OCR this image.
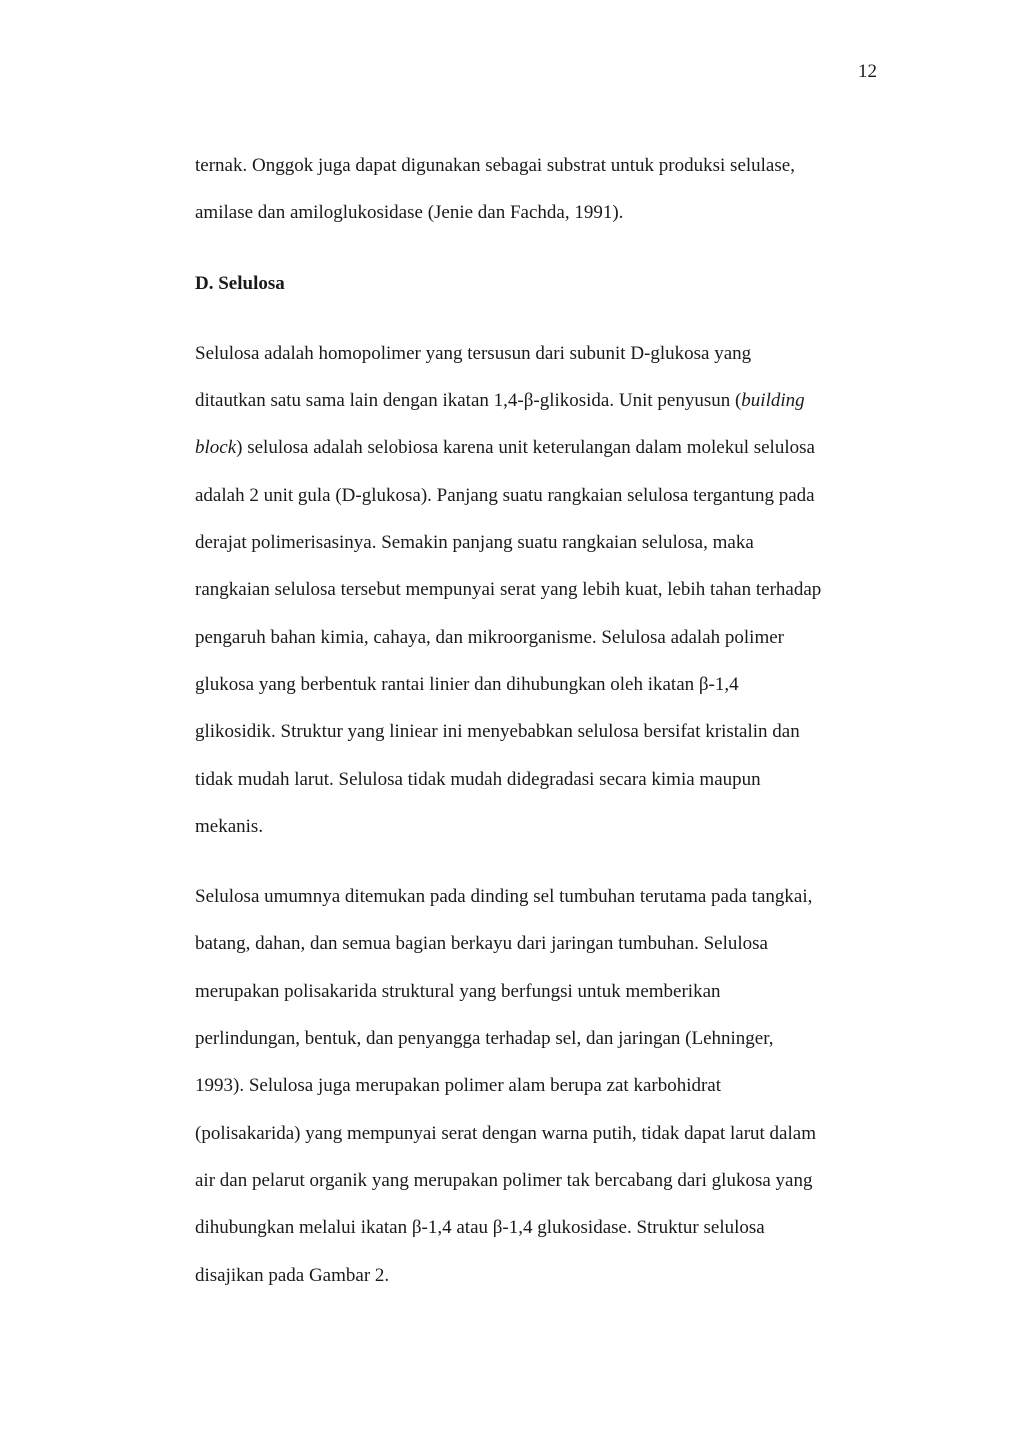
12
ternak. Onggok juga dapat digunakan sebagai substrat untuk produksi selulase,
amilase dan amiloglukosidase (Jenie dan Fachda, 1991).
D. Selulosa
Selulosa adalah homopolimer yang tersusun dari subunit D-glukosa yang
ditautkan satu sama lain dengan ikatan 1,4-β-glikosida. Unit penyusun (building
block) selulosa adalah selobiosa karena unit keterulangan dalam molekul selulosa
adalah 2 unit gula (D-glukosa). Panjang suatu rangkaian selulosa tergantung pada
derajat polimerisasinya. Semakin panjang suatu rangkaian selulosa, maka
rangkaian selulosa tersebut mempunyai serat yang lebih kuat, lebih tahan terhadap
pengaruh bahan kimia, cahaya, dan mikroorganisme. Selulosa adalah polimer
glukosa yang berbentuk rantai linier dan dihubungkan oleh ikatan β-1,4
glikosidik. Struktur yang liniear ini menyebabkan selulosa bersifat kristalin dan
tidak mudah larut. Selulosa tidak mudah didegradasi secara kimia maupun
mekanis.
Selulosa umumnya ditemukan pada dinding sel tumbuhan terutama pada tangkai,
batang, dahan, dan semua bagian berkayu dari jaringan tumbuhan. Selulosa
merupakan polisakarida struktural yang berfungsi untuk memberikan
perlindungan, bentuk, dan penyangga terhadap sel, dan jaringan (Lehninger,
1993). Selulosa juga merupakan polimer alam berupa zat karbohidrat
(polisakarida) yang mempunyai serat dengan warna putih, tidak dapat larut dalam
air dan pelarut organik yang merupakan polimer tak bercabang dari glukosa yang
dihubungkan melalui ikatan β-1,4 atau β-1,4 glukosidase. Struktur selulosa
disajikan pada Gambar 2.
